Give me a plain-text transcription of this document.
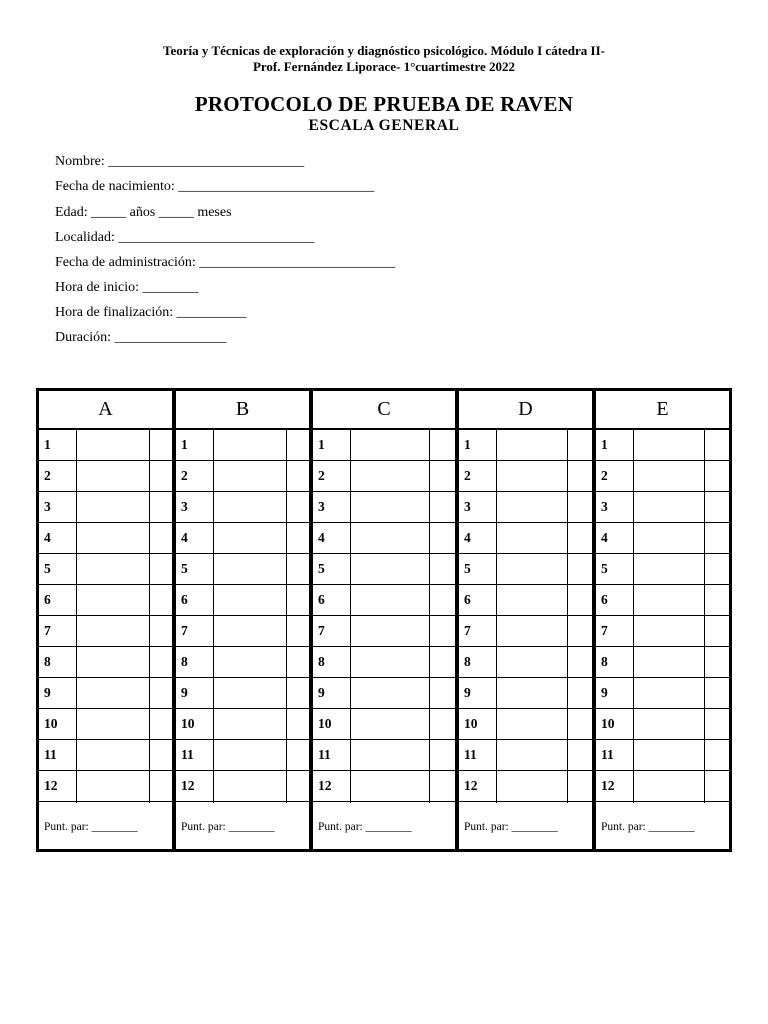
Teoría y Técnicas de exploración y diagnóstico psicológico. Módulo I cátedra II-
Prof. Fernández Liporace- 1°cuartimestre 2022
PROTOCOLO DE PRUEBA DE RAVEN
ESCALA GENERAL
Nombre: ____________________________
Fecha de nacimiento: ____________________________
Edad: _____ años _____ meses
Localidad: ____________________________
Fecha de administración: ____________________________
Hora de inicio: ________
Hora de finalización: __________
Duración: ________________
A
1
2
3
4
5
6
7
8
9
10
11
12
Punt. par: ________
B
1
2
3
4
5
6
7
8
9
10
11
12
Punt. par: ________
C
1
2
3
4
5
6
7
8
9
10
11
12
Punt. par: ________
D
1
2
3
4
5
6
7
8
9
10
11
12
Punt. par: ________
E
1
2
3
4
5
6
7
8
9
10
11
12
Punt. par: ________
